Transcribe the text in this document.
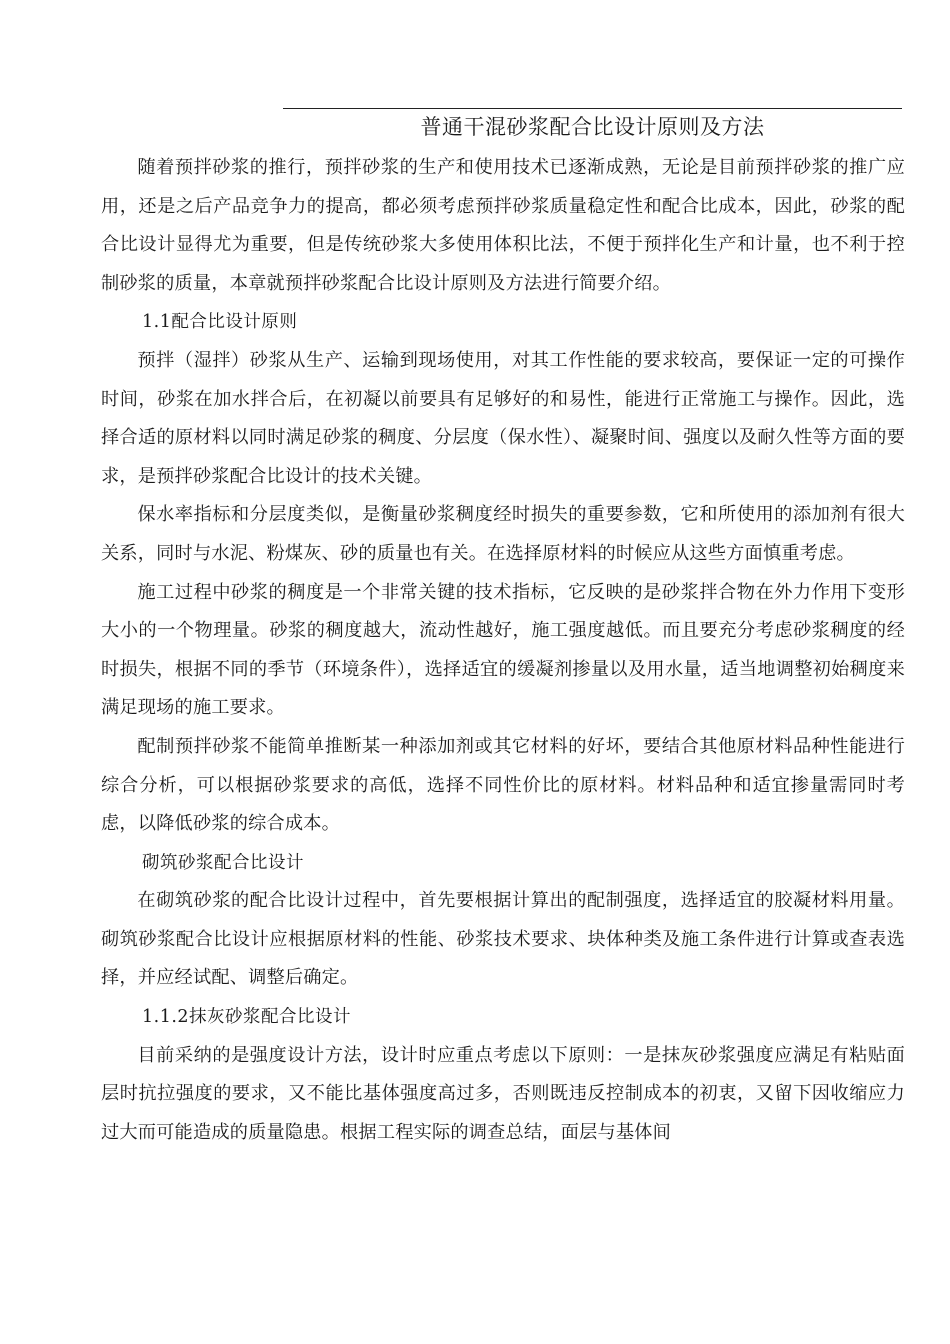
普通干混砂浆配合比设计原则及方法

随着预拌砂浆的推行，预拌砂浆的生产和使用技术已逐渐成熟，无论是目前预拌砂浆的推广应用，还是之后产品竞争力的提高，都必须考虑预拌砂浆质量稳定性和配合比成本，因此，砂浆的配合比设计显得尤为重要，但是传统砂浆大多使用体积比法，不便于预拌化生产和计量，也不利于控制砂浆的质量，本章就预拌砂浆配合比设计原则及方法进行简要介绍。

1.1配合比设计原则

预拌（湿拌）砂浆从生产、运输到现场使用，对其工作性能的要求较高，要保证一定的可操作时间，砂浆在加水拌合后，在初凝以前要具有足够好的和易性，能进行正常施工与操作。因此，选择合适的原材料以同时满足砂浆的稠度、分层度（保水性）、凝聚时间、强度以及耐久性等方面的要求，是预拌砂浆配合比设计的技术关键。

保水率指标和分层度类似，是衡量砂浆稠度经时损失的重要参数，它和所使用的添加剂有很大关系，同时与水泥、粉煤灰、砂的质量也有关。在选择原材料的时候应从这些方面慎重考虑。

施工过程中砂浆的稠度是一个非常关键的技术指标，它反映的是砂浆拌合物在外力作用下变形大小的一个物理量。砂浆的稠度越大，流动性越好，施工强度越低。而且要充分考虑砂浆稠度的经时损失，根据不同的季节（环境条件），选择适宜的缓凝剂掺量以及用水量，适当地调整初始稠度来满足现场的施工要求。

配制预拌砂浆不能简单推断某一种添加剂或其它材料的好坏，要结合其他原材料品种性能进行综合分析，可以根据砂浆要求的高低，选择不同性价比的原材料。材料品种和适宜掺量需同时考虑，以降低砂浆的综合成本。

砌筑砂浆配合比设计

在砌筑砂浆的配合比设计过程中，首先要根据计算出的配制强度，选择适宜的胶凝材料用量。砌筑砂浆配合比设计应根据原材料的性能、砂浆技术要求、块体种类及施工条件进行计算或查表选择，并应经试配、调整后确定。

1.1.2抹灰砂浆配合比设计

目前采纳的是强度设计方法，设计时应重点考虑以下原则：一是抹灰砂浆强度应满足有粘贴面层时抗拉强度的要求，又不能比基体强度高过多，否则既违反控制成本的初衷，又留下因收缩应力过大而可能造成的质量隐患。根据工程实际的调查总结，面层与基体间
